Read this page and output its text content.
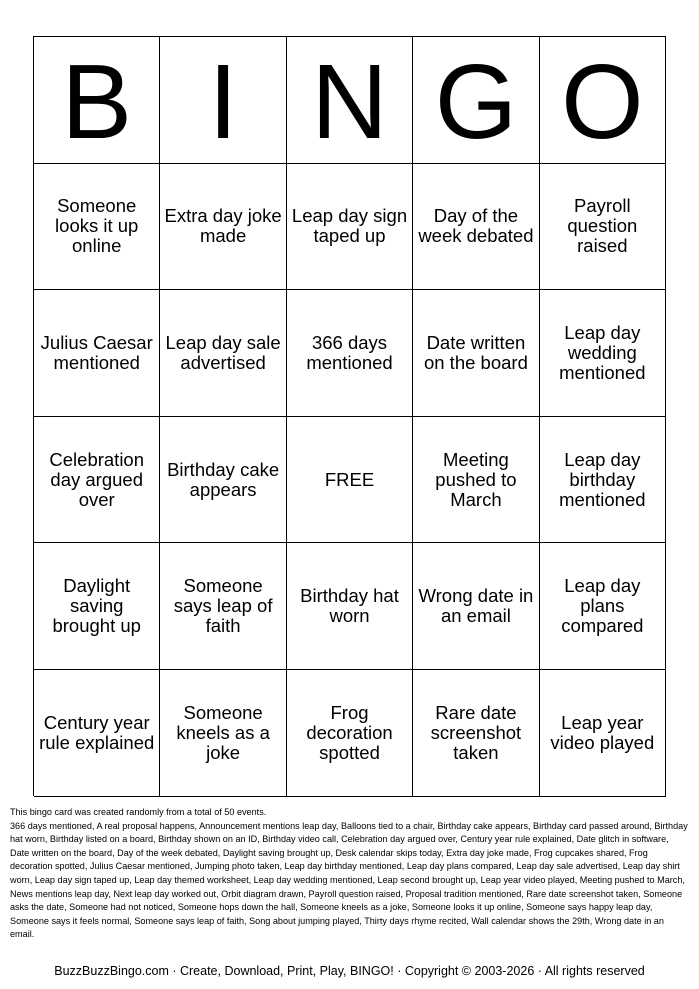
B I N G O
Someone looks it up online
Extra day joke made
Leap day sign taped up
Day of the week debated
Payroll question raised
Julius Caesar mentioned
Leap day sale advertised
366 days mentioned
Date written on the board
Leap day wedding mentioned
Celebration day argued over
Birthday cake appears	FREE
Meeting pushed to March
Leap day birthday mentioned
Daylight saving brought up
Someone says leap of faith
Birthday hat worn
Wrong date in an email
Leap day plans compared
Century year rule explained
Someone kneels as a joke
Frog decoration spotted
Rare date screenshot taken
Leap year video played

This bingo card was created randomly from a total of 50 events.

366 days mentioned, A real proposal happens, Announcement mentions leap day, Balloons tied to a chair, Birthday cake appears, Birthday card passed around, Birthday hat worn, Birthday listed on a board, Birthday shown on an ID, Birthday video call, Celebration day argued over, Century year rule explained, Date glitch in software, Date written on the board, Day of the week debated, Daylight saving brought up, Desk calendar skips today, Extra day joke made, Frog cupcakes shared, Frog decoration spotted, Julius Caesar mentioned, Jumping photo taken, Leap day birthday mentioned, Leap day plans compared, Leap day sale advertised, Leap day shirt worn, Leap day sign taped up, Leap day themed worksheet, Leap day wedding mentioned, Leap second brought up, Leap year video played, Meeting pushed to March, News mentions leap day, Next leap day worked out, Orbit diagram drawn, Payroll question raised, Proposal tradition mentioned, Rare date screenshot taken, Someone asks the date, Someone had not noticed, Someone hops down the hall, Someone kneels as a joke, Someone looks it up online, Someone says happy leap day, Someone says it feels normal, Someone says leap of faith, Song about jumping played, Thirty days rhyme recited, Wall calendar shows the 29th, Wrong date in an email.

BuzzBuzzBingo.com · Create, Download, Print, Play, BINGO! · Copyright © 2003-2026 · All rights reserved
